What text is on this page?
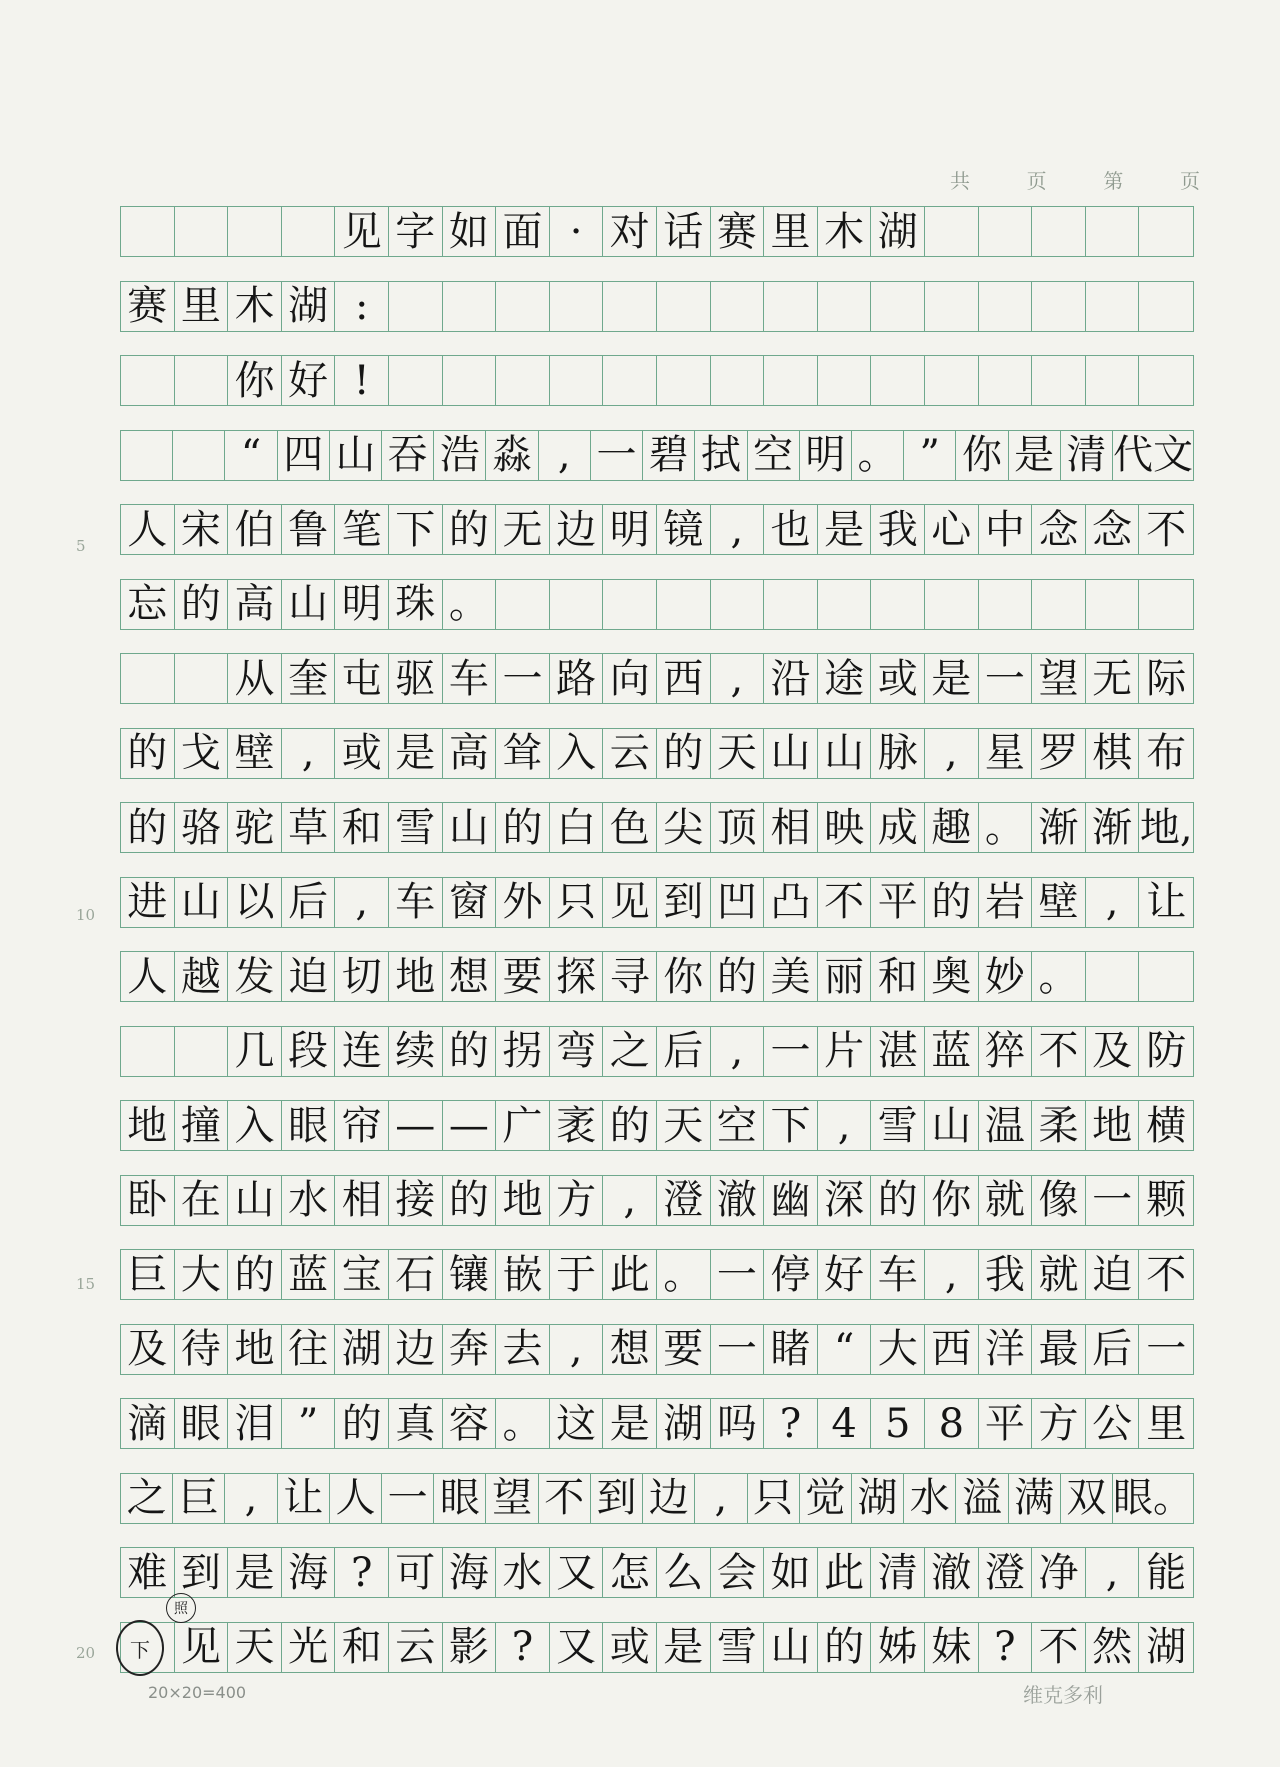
共	页	第	页
见 字 如 面 · 对 话 赛 里 木 湖
赛 里 木 湖 :
你 好 !
“ 四 山 吞 浩 淼 , 一 碧 拭 空 明 。 ” 你 是 清 代文
人 宋 伯 鲁 笔 下 的 无 边 明 镜 , 也 是 我 心 中 念 念 不
忘 的 高 山 明 珠 。
从 奎 屯 驱 车 一 路 向 西 , 沿 途 或 是 一 望 无 际
的 戈 壁 , 或 是 高 耸 入 云 的 天 山 山 脉 , 星 罗 棋 布
的 骆 驼 草 和 雪 山 的 白 色 尖 顶 相 映 成 趣 。 渐 渐 地,
进 山 以 后 , 车 窗 外 只 见 到 凹 凸 不 平 的 岩 壁 , 让
人 越 发 迫 切 地 想 要 探 寻 你 的 美 丽 和 奥 妙 。
几 段 连 续 的 拐 弯 之 后 , 一 片 湛 蓝 猝 不 及 防
地 撞 入 眼 帘 — — 广 袤 的 天 空 下 , 雪 山 温 柔 地 横
卧 在 山 水 相 接 的 地 方 , 澄 澈 幽 深 的 你 就 像 一 颗
巨 大 的 蓝 宝 石 镶 嵌 于 此 。 一 停 好 车 , 我 就 迫 不
及 待 地 往 湖 边 奔 去 , 想 要 一 睹 “ 大 西 洋 最 后 一
滴 眼 泪 ” 的 真 容 。 这 是 湖 吗 ? 4 5 8 平 方 公 里
之 巨 , 让 人 一 眼 望 不 到 边 , 只 觉 湖 水 溢 满 双 眼。
难 到 是 海 ? 可 海 水 又 怎 么 会 如 此 清 澈 澄 净 , 能
见 天 光 和 云 影 ? 又 或 是 雪 山 的 姊 妹 ? 不 然 湖
5
10
15
20
照
下
20×20=400	维克多利
